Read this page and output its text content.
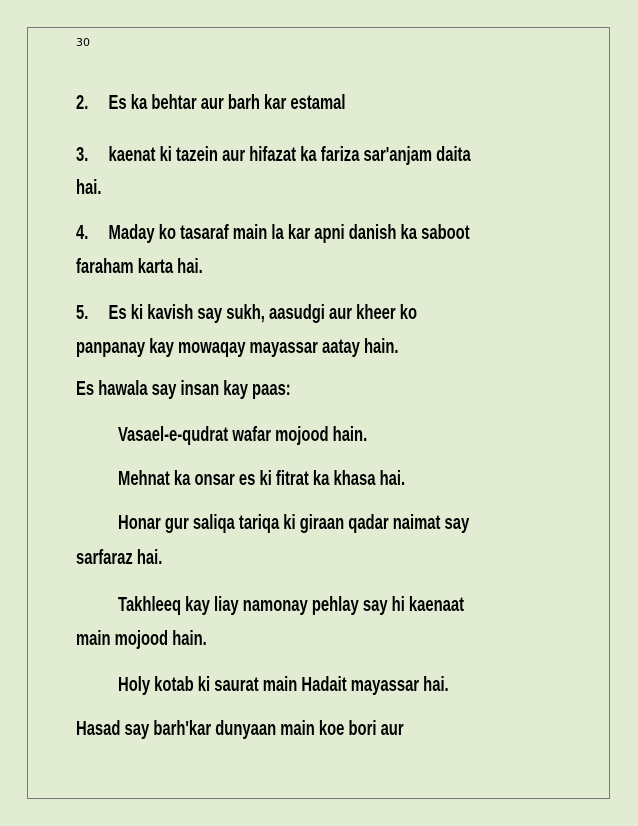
30
2. Es ka behtar aur barh kar estamal
3. kaenat ki tazein aur hifazat ka fariza sar'anjam daita
hai.
4. Maday ko tasaraf main la kar apni danish ka saboot
faraham karta hai.
5. Es ki kavish say sukh, aasudgi aur kheer ko
panpanay kay mowaqay mayassar aatay hain.
Es hawala say insan kay paas:
Vasael-e-qudrat wafar mojood hain.
Mehnat ka onsar es ki fitrat ka khasa hai.
Honar gur saliqa tariqa ki giraan qadar naimat say
sarfaraz hai.
Takhleeq kay liay namonay pehlay say hi kaenaat
main mojood hain.
Holy kotab ki saurat main Hadait mayassar hai.
Hasad say barh'kar dunyaan main koe bori aur
